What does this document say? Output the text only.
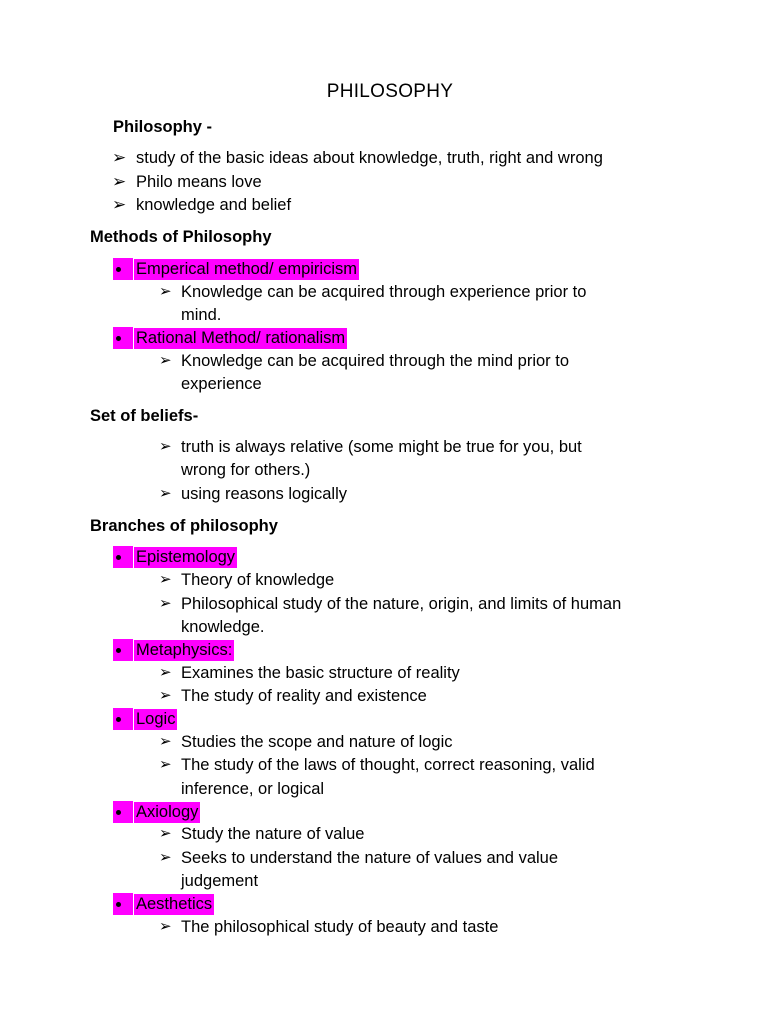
PHILOSOPHY
Philosophy -
➢ study of the basic ideas about knowledge, truth, right and wrong
➢ Philo means love
➢ knowledge and belief
Methods of Philosophy
Emperical method/ empiricism
➢ Knowledge can be acquired through experience prior to
mind.
Rational Method/ rationalism
➢ Knowledge can be acquired through the mind prior to
experience
Set of beliefs-
➢ truth is always relative (some might be true for you, but
wrong for others.)
➢ using reasons logically
Branches of philosophy
Epistemology
➢ Theory of knowledge
➢ Philosophical study of the nature, origin, and limits of human
knowledge.
Metaphysics:
➢ Examines the basic structure of reality
➢ The study of reality and existence
Logic
➢ Studies the scope and nature of logic
➢ The study of the laws of thought, correct reasoning, valid
inference, or logical
Axiology
➢ Study the nature of value
➢ Seeks to understand the nature of values and value
judgement
Aesthetics
➢ The philosophical study of beauty and taste
